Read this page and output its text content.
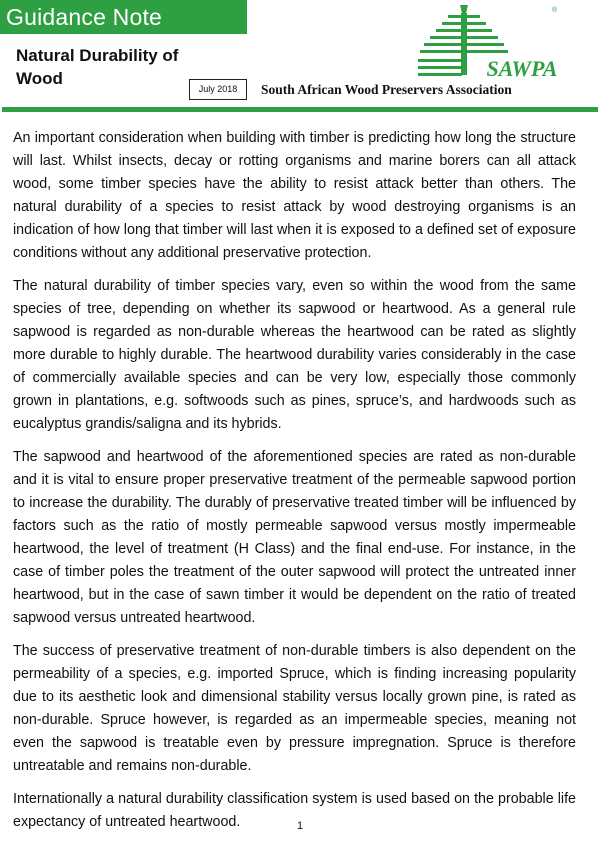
Guidance Note
Natural Durability of Wood
July 2018
SAWPA
®
South African Wood Preservers Association

An important consideration when building with timber is predicting how long the structure will last. Whilst insects, decay or rotting organisms and marine borers can all attack wood, some timber species have the ability to resist attack better than others. The natural durability of a species to resist attack by wood destroying organisms is an indication of how long that timber will last when it is exposed to a defined set of exposure conditions without any additional preservative protection.

The natural durability of timber species vary, even so within the wood from the same species of tree, depending on whether its sapwood or heartwood. As a general rule sapwood is regarded as non-durable whereas the heartwood can be rated as slightly more durable to highly durable. The heartwood durability varies considerably in the case of commercially available species and can be very low, especially those commonly grown in plantations, e.g. softwoods such as pines, spruce’s, and hardwoods such as eucalyptus grandis/saligna and its hybrids.

The sapwood and heartwood of the aforementioned species are rated as non-durable and it is vital to ensure proper preservative treatment of the permeable sapwood portion to increase the durability. The durably of preservative treated timber will be influenced by factors such as the ratio of mostly permeable sapwood versus mostly impermeable heartwood, the level of treatment (H Class) and the final end-use. For instance, in the case of timber poles the treatment of the outer sapwood will protect the untreated inner heartwood, but in the case of sawn timber it would be dependent on the ratio of treated sapwood versus untreated heartwood.

The success of preservative treatment of non-durable timbers is also dependent on the permeability of a species, e.g. imported Spruce, which is finding increasing popularity due to its aesthetic look and dimensional stability versus locally grown pine, is rated as non-durable. Spruce however, is regarded as an impermeable species, meaning not even the sapwood is treatable even by pressure impregnation. Spruce is therefore untreatable and remains non-durable.

Internationally a natural durability classification system is used based on the probable life expectancy of untreated heartwood.	1
